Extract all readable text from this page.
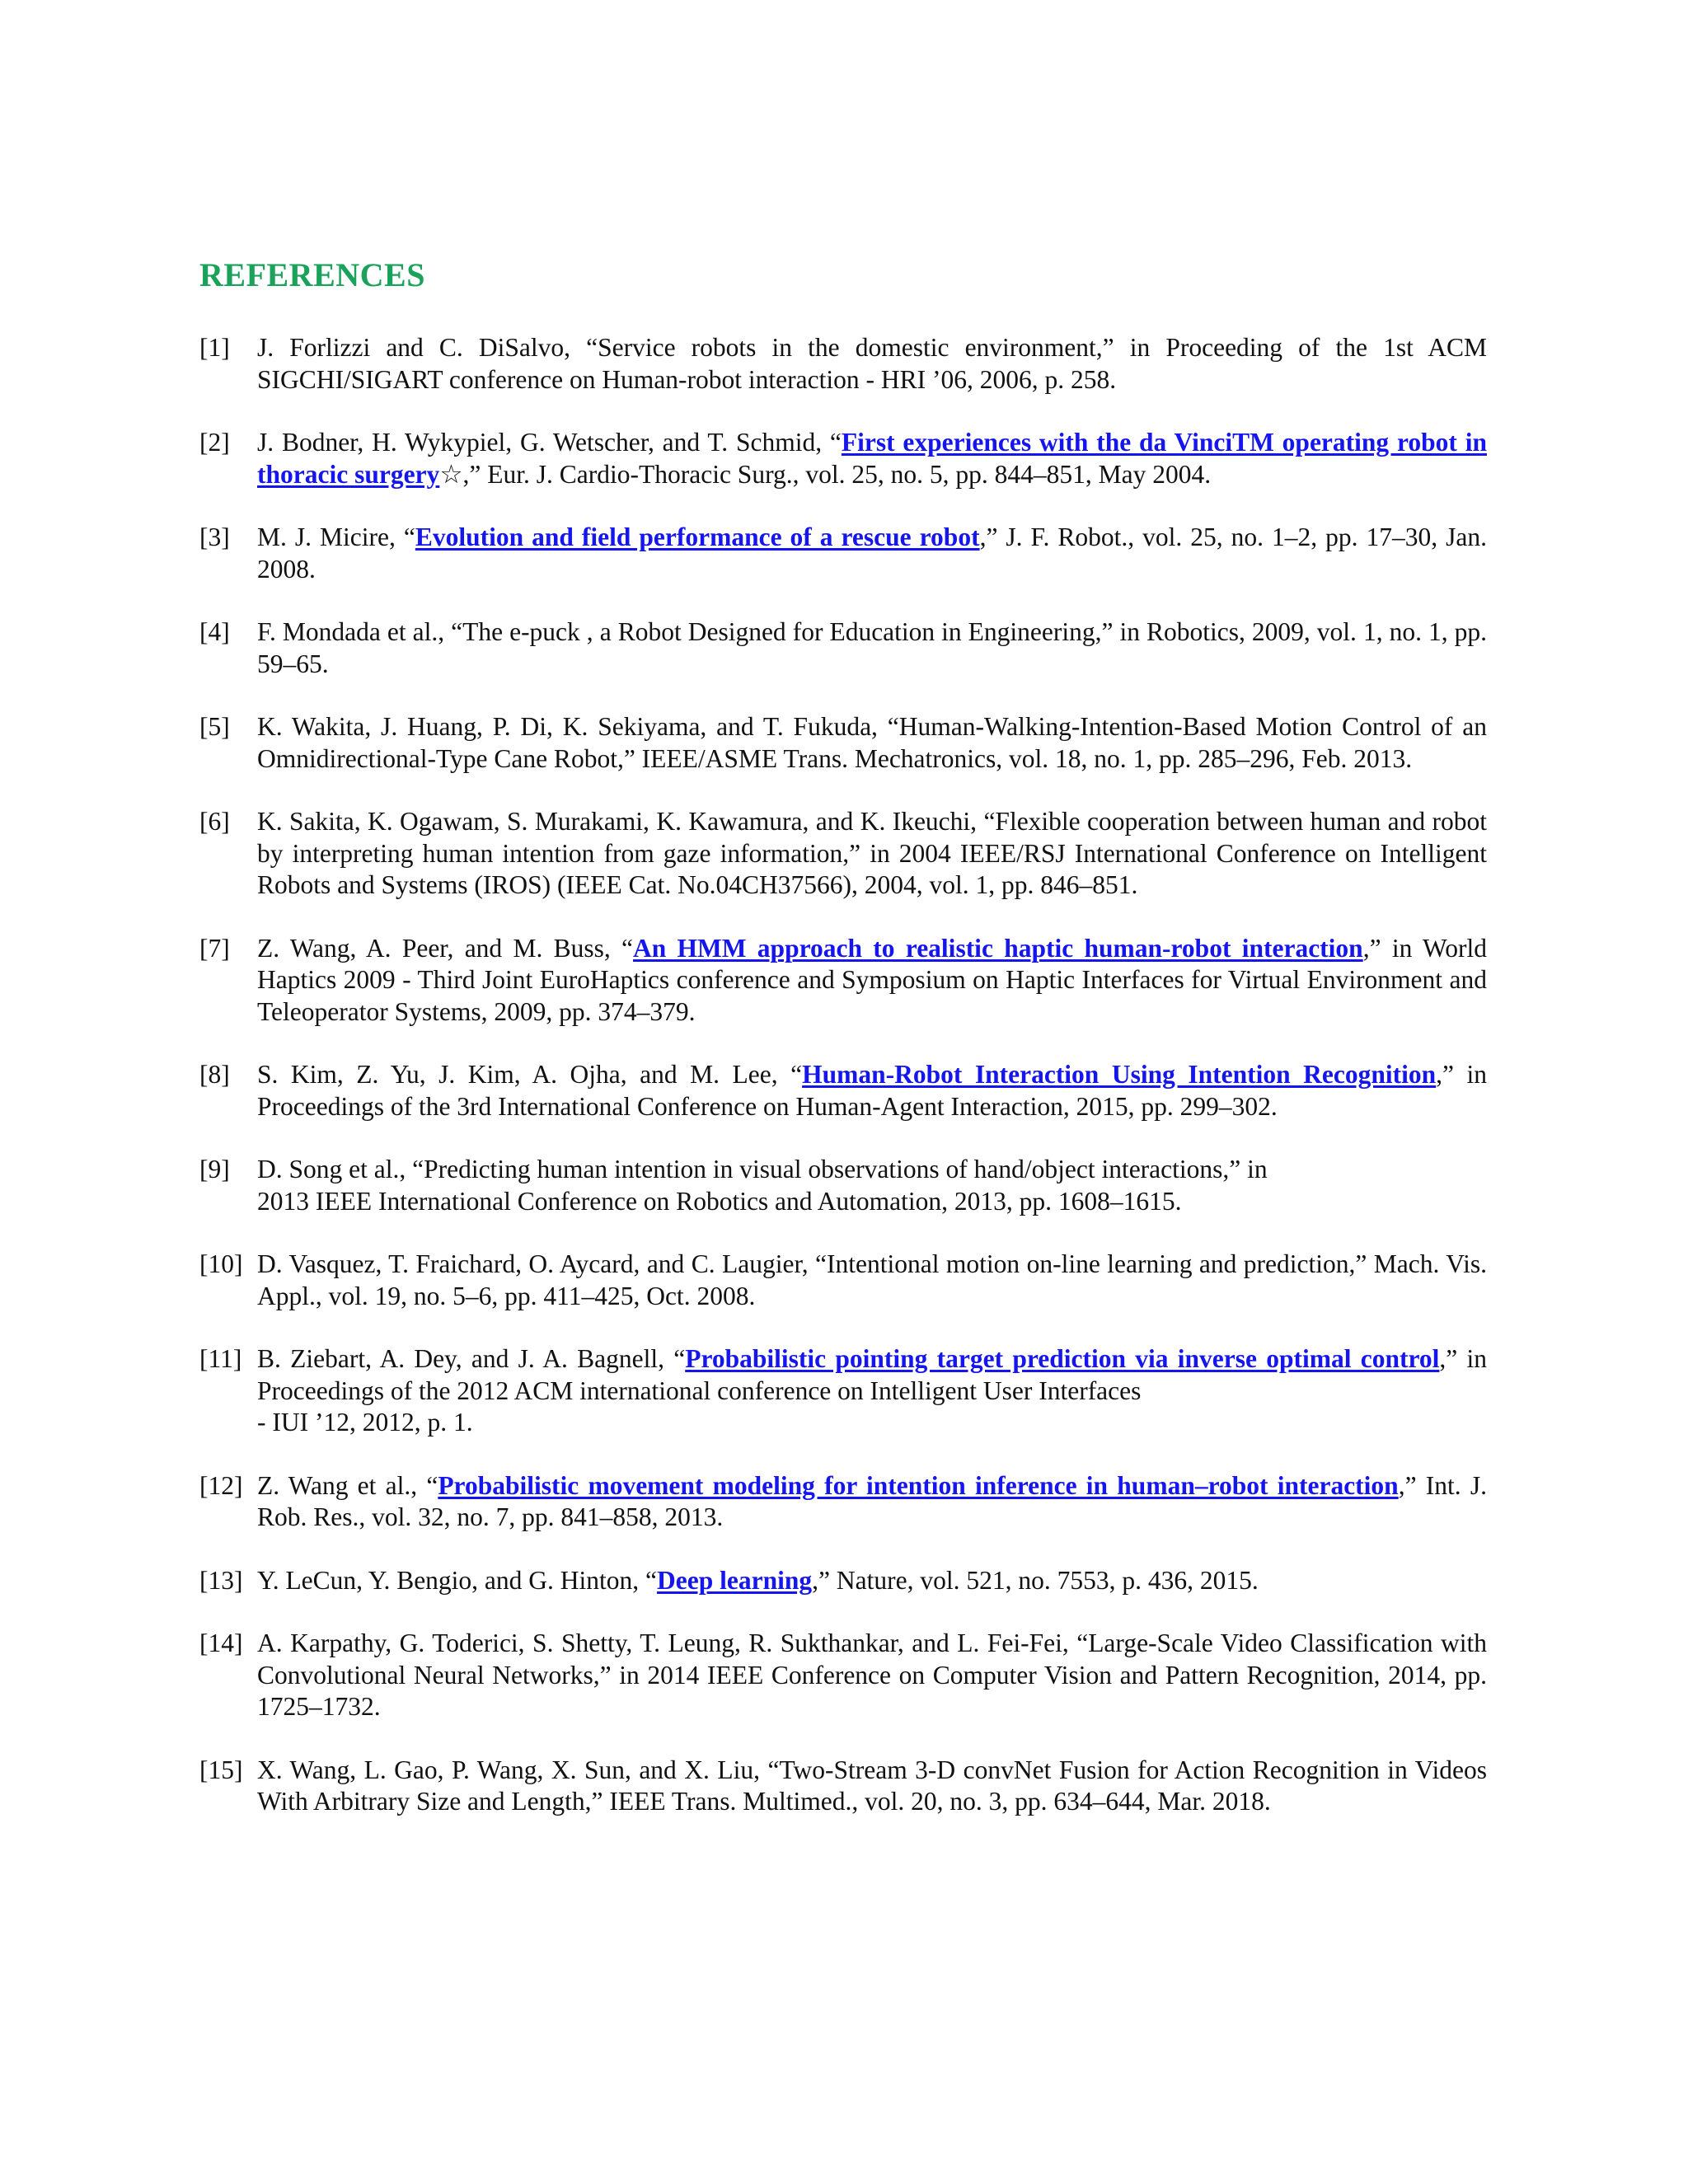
REFERENCES
[1] J. Forlizzi and C. DiSalvo, “Service robots in the domestic environment,” in Proceeding of the 1st ACM SIGCHI/SIGART conference on Human-robot interaction - HRI ’06, 2006, p. 258.
[2] J. Bodner, H. Wykypiel, G. Wetscher, and T. Schmid, “First experiences with the da VinciTM operating robot in thoracic surgery☆,” Eur. J. Cardio-Thoracic Surg., vol. 25, no. 5, pp. 844–851, May 2004.
[3] M. J. Micire, “Evolution and field performance of a rescue robot,” J. F. Robot., vol. 25, no. 1–2, pp. 17–30, Jan. 2008.
[4] F. Mondada et al., “The e-puck , a Robot Designed for Education in Engineering,” in Robotics, 2009, vol. 1, no. 1, pp. 59–65.
[5] K. Wakita, J. Huang, P. Di, K. Sekiyama, and T. Fukuda, “Human-Walking-Intention-Based Motion Control of an Omnidirectional-Type Cane Robot,” IEEE/ASME Trans. Mechatronics, vol. 18, no. 1, pp. 285–296, Feb. 2013.
[6] K. Sakita, K. Ogawam, S. Murakami, K. Kawamura, and K. Ikeuchi, “Flexible cooperation between human and robot by interpreting human intention from gaze information,” in 2004 IEEE/RSJ International Conference on Intelligent Robots and Systems (IROS) (IEEE Cat. No.04CH37566), 2004, vol. 1, pp. 846–851.
[7] Z. Wang, A. Peer, and M. Buss, “An HMM approach to realistic haptic human-robot interaction,” in World Haptics 2009 - Third Joint EuroHaptics conference and Symposium on Haptic Interfaces for Virtual Environment and Teleoperator Systems, 2009, pp. 374–379.
[8] S. Kim, Z. Yu, J. Kim, A. Ojha, and M. Lee, “Human-Robot Interaction Using Intention Recognition,” in Proceedings of the 3rd International Conference on Human-Agent Interaction, 2015, pp. 299–302.
[9] D. Song et al., “Predicting human intention in visual observations of hand/object interactions,” in
2013 IEEE International Conference on Robotics and Automation, 2013, pp. 1608–1615.
[10] D. Vasquez, T. Fraichard, O. Aycard, and C. Laugier, “Intentional motion on-line learning and prediction,” Mach. Vis. Appl., vol. 19, no. 5–6, pp. 411–425, Oct. 2008.
[11] B. Ziebart, A. Dey, and J. A. Bagnell, “Probabilistic pointing target prediction via inverse optimal control,” in Proceedings of the 2012 ACM international conference on Intelligent User Interfaces
- IUI ’12, 2012, p. 1.
[12] Z. Wang et al., “Probabilistic movement modeling for intention inference in human–robot interaction,” Int. J. Rob. Res., vol. 32, no. 7, pp. 841–858, 2013.
[13] Y. LeCun, Y. Bengio, and G. Hinton, “Deep learning,” Nature, vol. 521, no. 7553, p. 436, 2015.
[14] A. Karpathy, G. Toderici, S. Shetty, T. Leung, R. Sukthankar, and L. Fei-Fei, “Large-Scale Video Classification with Convolutional Neural Networks,” in 2014 IEEE Conference on Computer Vision and Pattern Recognition, 2014, pp. 1725–1732.
[15] X. Wang, L. Gao, P. Wang, X. Sun, and X. Liu, “Two-Stream 3-D convNet Fusion for Action Recognition in Videos With Arbitrary Size and Length,” IEEE Trans. Multimed., vol. 20, no. 3, pp. 634–644, Mar. 2018.
